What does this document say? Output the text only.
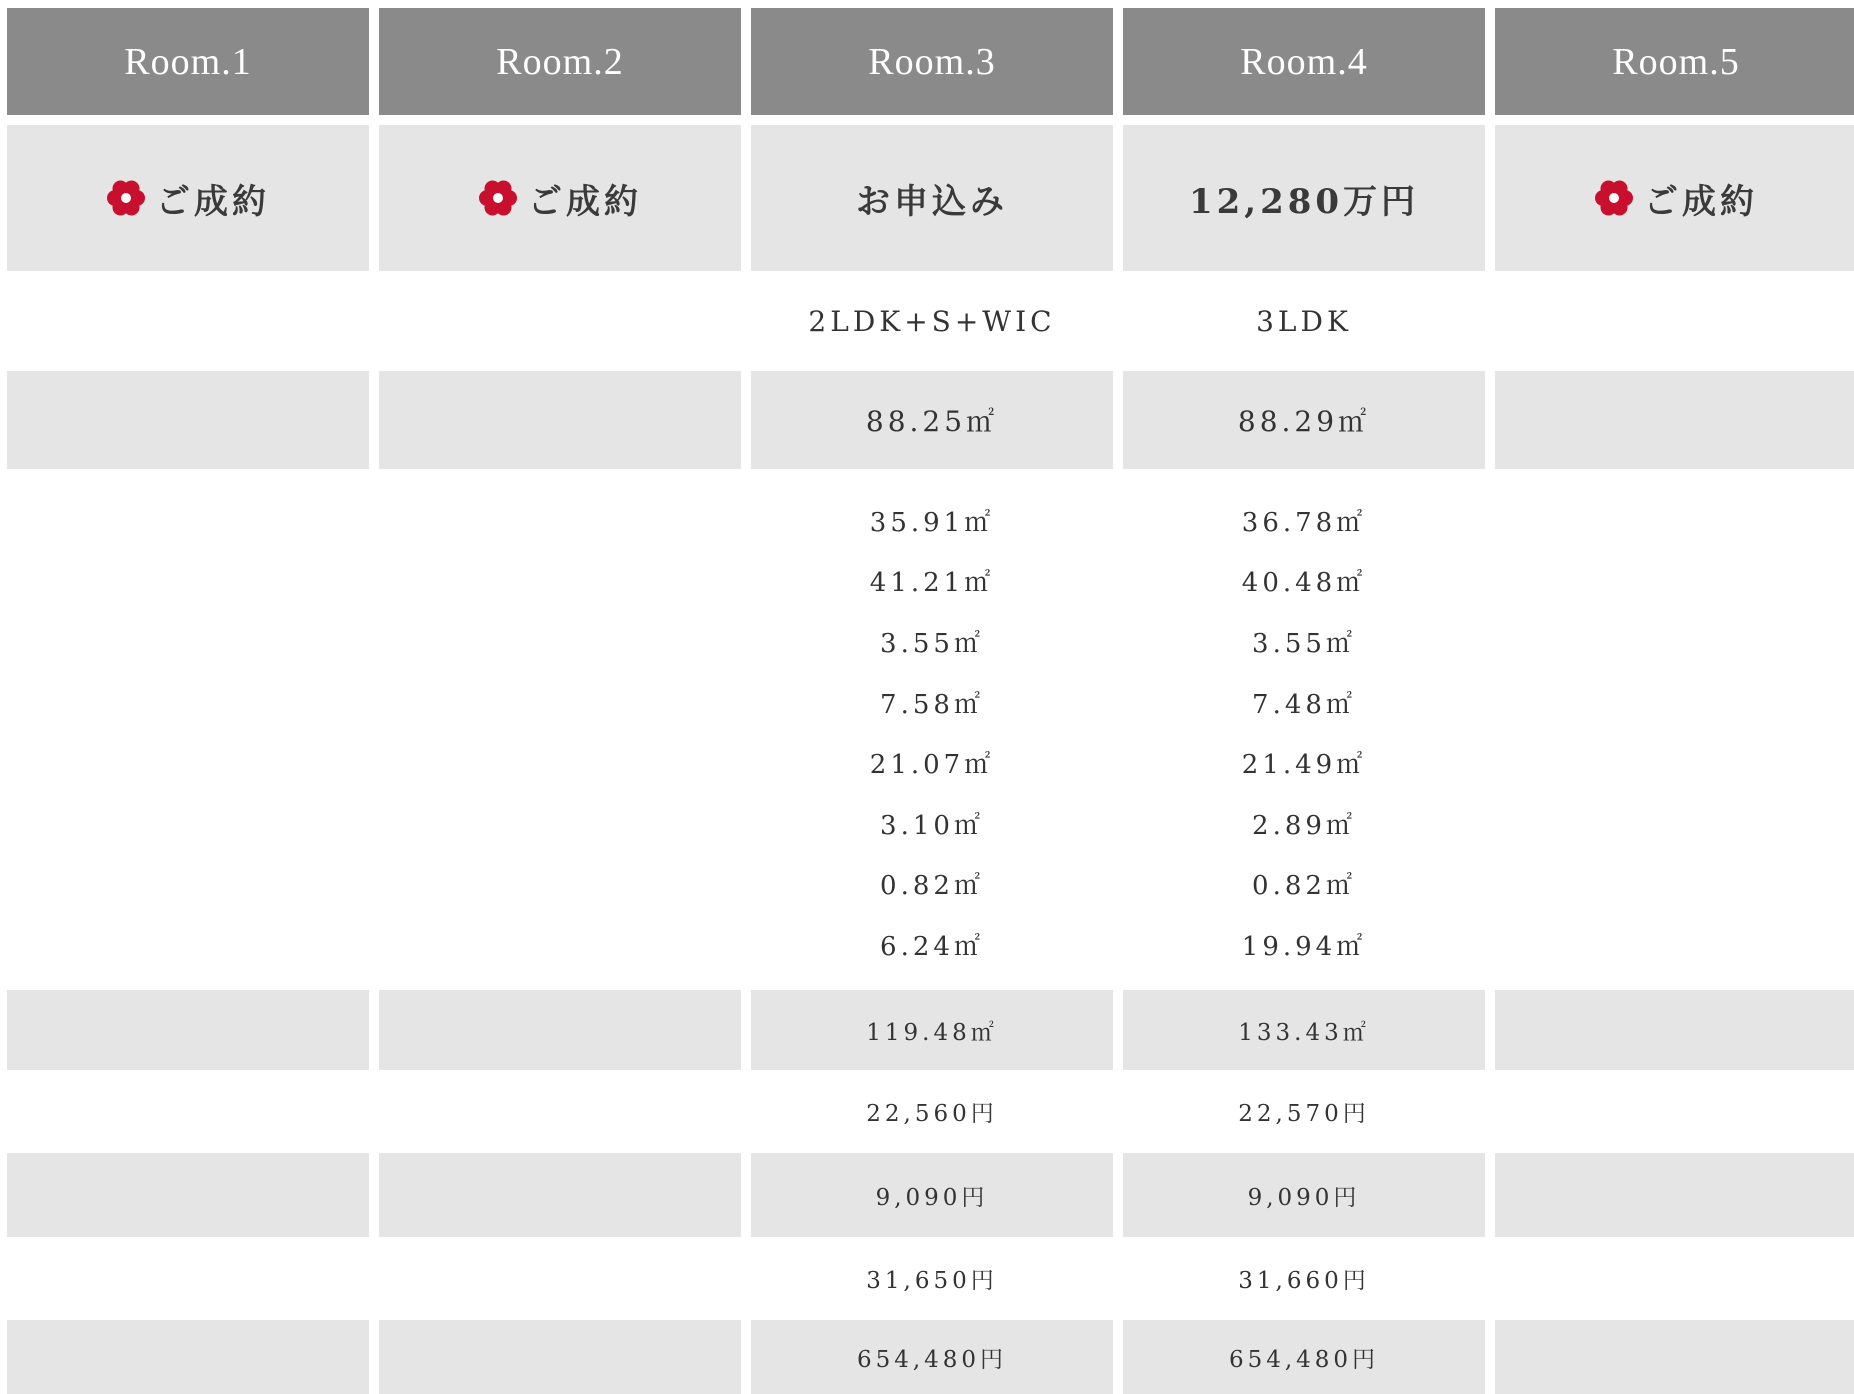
Room.1
ご成約
Room.2
ご成約
Room.3
お申込み
2LDK+S+WIC
88.25㎡
35.91㎡
41.21㎡
3.55㎡
7.58㎡
21.07㎡
3.10㎡
0.82㎡
6.24㎡
119.48㎡
22,560円
9,090円
31,650円
654,480円
Room.4
12,280万円
3LDK
88.29㎡
36.78㎡
40.48㎡
3.55㎡
7.48㎡
21.49㎡
2.89㎡
0.82㎡
19.94㎡
133.43㎡
22,570円
9,090円
31,660円
654,480円
Room.5
ご成約
